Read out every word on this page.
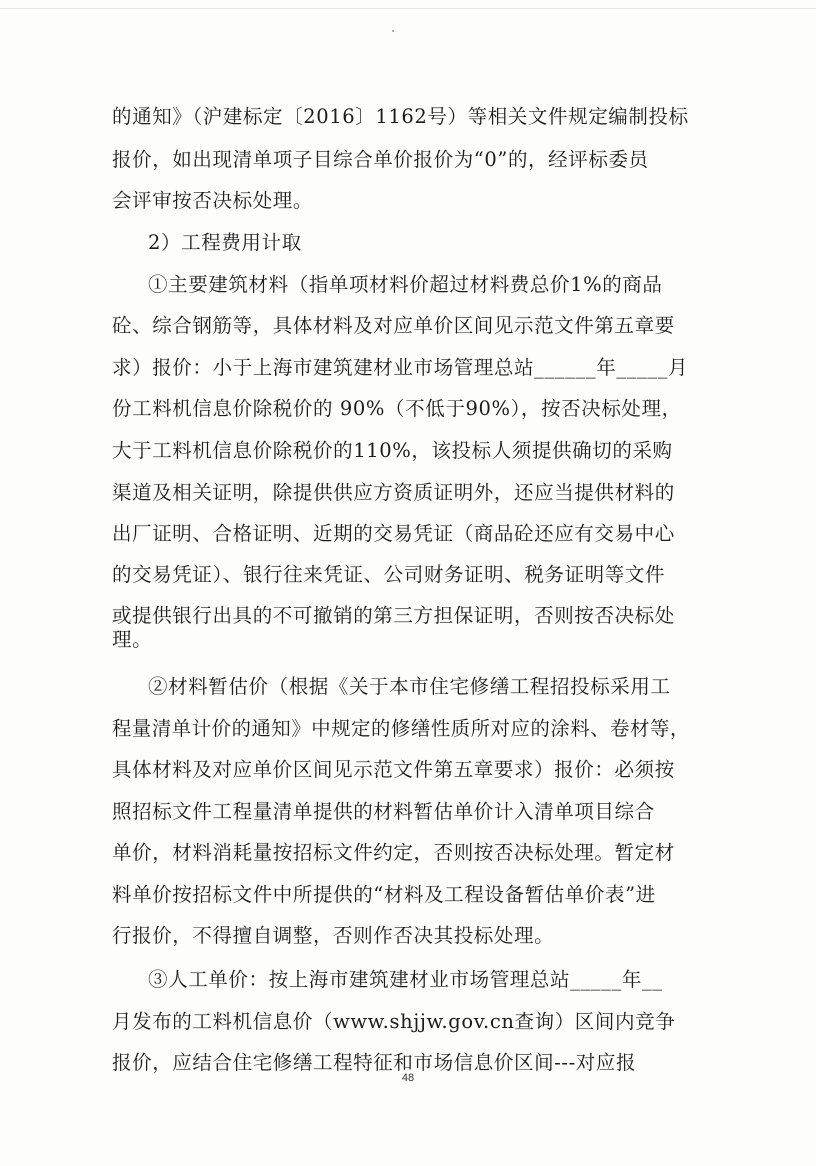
的通知》（沪建标定〔2016〕1162号）等相关文件规定编制投标
报价，如出现清单项子目综合单价报价为“0”的，经评标委员
会评审按否决标处理。
2）工程费用计取
①主要建筑材料（指单项材料价超过材料费总价1%的商品
砼、综合钢筋等，具体材料及对应单价区间见示范文件第五章要
求）报价：小于上海市建筑建材业市场管理总站______年_____月
份工料机信息价除税价的 90%（不低于90%），按否决标处理，
大于工料机信息价除税价的110%，该投标人须提供确切的采购
渠道及相关证明，除提供供应方资质证明外，还应当提供材料的
出厂证明、合格证明、近期的交易凭证（商品砼还应有交易中心
的交易凭证）、银行往来凭证、公司财务证明、税务证明等文件
或提供银行出具的不可撤销的第三方担保证明，否则按否决标处
理。
②材料暂估价（根据《关于本市住宅修缮工程招投标采用工
程量清单计价的通知》中规定的修缮性质所对应的涂料、卷材等，
具体材料及对应单价区间见示范文件第五章要求）报价：必须按
照招标文件工程量清单提供的材料暂估单价计入清单项目综合
单价，材料消耗量按招标文件约定，否则按否决标处理。暂定材
料单价按招标文件中所提供的“材料及工程设备暂估单价表”进
行报价，不得擅自调整，否则作否决其投标处理。
③人工单价：按上海市建筑建材业市场管理总站_____年__
月发布的工料机信息价（www.shjjw.gov.cn查询）区间内竞争
报价，应结合住宅修缮工程特征和市场信息价区间---对应报
48
